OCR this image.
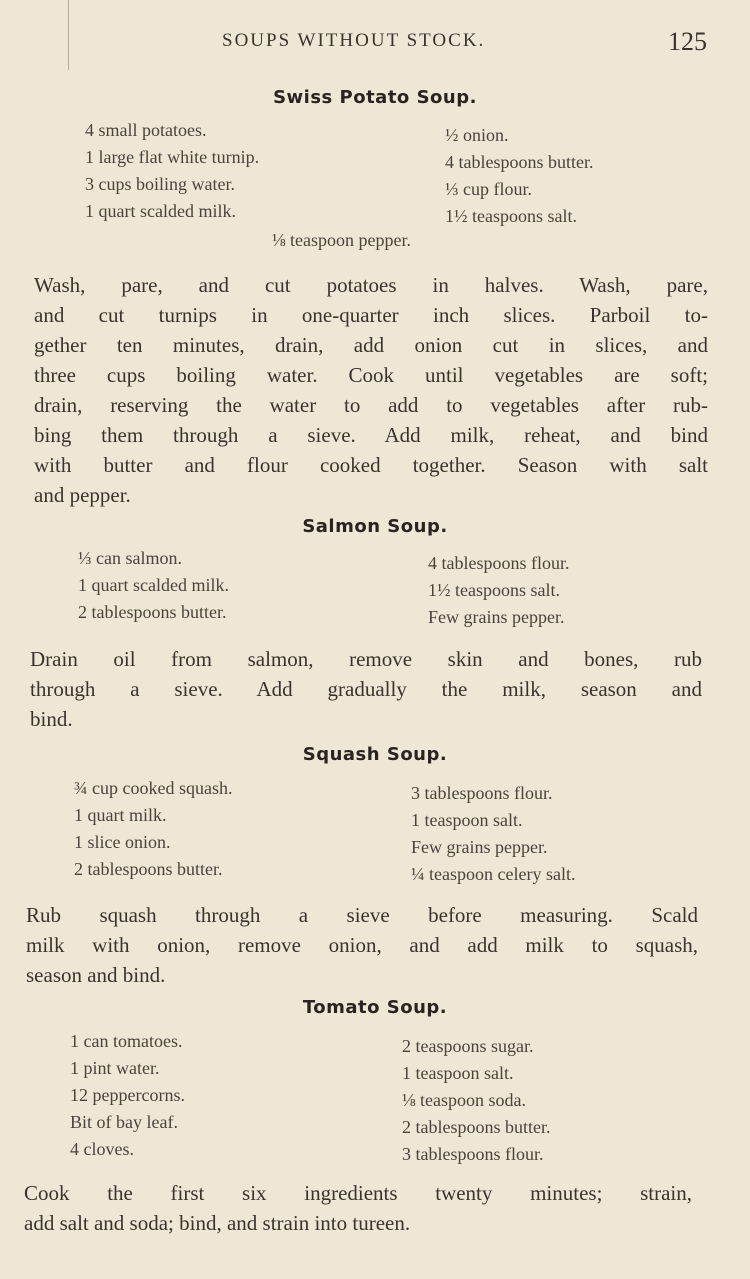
SOUPS WITHOUT STOCK.	125
Swiss Potato Soup.
4 small potatoes.
1 large flat white turnip.
3 cups boiling water.
1 quart scalded milk.
½ onion.
4 tablespoons butter.
⅓ cup flour.
1½ teaspoons salt.
⅛ teaspoon pepper.
Wash, pare, and cut potatoes in halves. Wash, pare,
and cut turnips in one-quarter inch slices. Parboil to-
gether ten minutes, drain, add onion cut in slices, and
three cups boiling water. Cook until vegetables are soft;
drain, reserving the water to add to vegetables after rub-
bing them through a sieve. Add milk, reheat, and bind
with butter and flour cooked together. Season with salt
and pepper.
Salmon Soup.
⅓ can salmon.
1 quart scalded milk.
2 tablespoons butter.
4 tablespoons flour.
1½ teaspoons salt.
Few grains pepper.
Drain oil from salmon, remove skin and bones, rub
through a sieve. Add gradually the milk, season and
bind.
Squash Soup.
¾ cup cooked squash.
1 quart milk.
1 slice onion.
2 tablespoons butter.
3 tablespoons flour.
1 teaspoon salt.
Few grains pepper.
¼ teaspoon celery salt.
Rub squash through a sieve before measuring. Scald
milk with onion, remove onion, and add milk to squash,
season and bind.
Tomato Soup.
1 can tomatoes.
1 pint water.
12 peppercorns.
Bit of bay leaf.
4 cloves.
2 teaspoons sugar.
1 teaspoon salt.
⅛ teaspoon soda.
2 tablespoons butter.
3 tablespoons flour.
Cook the first six ingredients twenty minutes; strain,
add salt and soda; bind, and strain into tureen.
